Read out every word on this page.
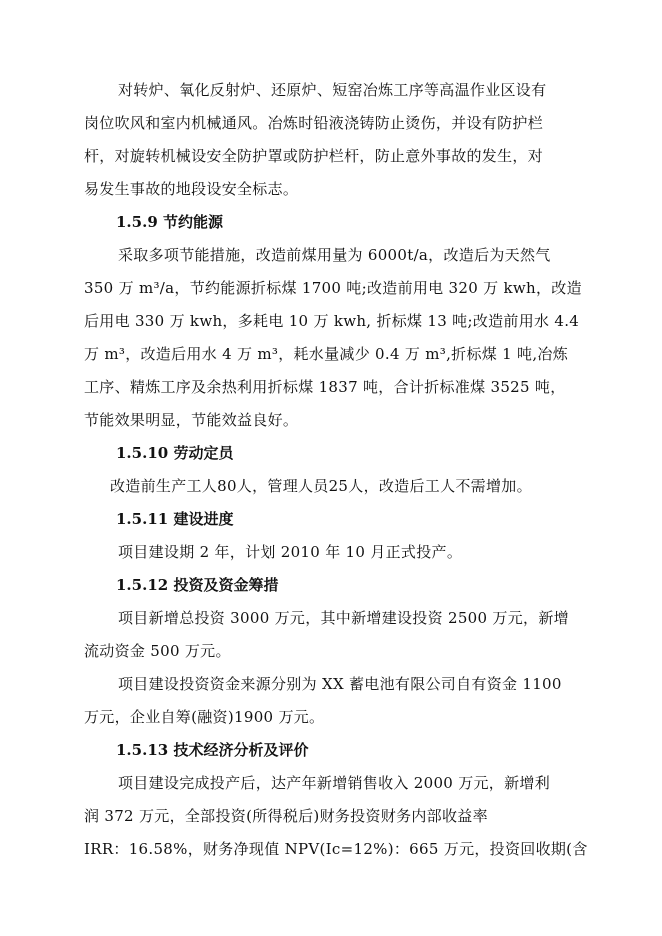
对转炉、氧化反射炉、还原炉、短窑冶炼工序等高温作业区设有
岗位吹风和室内机械通风。冶炼时铅液浇铸防止烫伤，并设有防护栏
杆，对旋转机械设安全防护罩或防护栏杆，防止意外事故的发生，对
易发生事故的地段设安全标志。
1.5.9 节约能源
采取多项节能措施，改造前煤用量为 6000t/a，改造后为天然气
350 万 m³/a，节约能源折标煤 1700 吨;改造前用电 320 万 kwh，改造
后用电 330 万 kwh，多耗电 10 万 kwh, 折标煤 13 吨;改造前用水 4.4
万 m³，改造后用水 4 万 m³，耗水量减少 0.4 万 m³,折标煤 1 吨,冶炼
工序、精炼工序及余热利用折标煤 1837 吨，合计折标准煤 3525 吨，
节能效果明显，节能效益良好。
1.5.10 劳动定员
改造前生产工人80人，管理人员25人，改造后工人不需增加。
1.5.11 建设进度
项目建设期 2 年，计划 2010 年 10 月正式投产。
1.5.12 投资及资金筹措
项目新增总投资 3000 万元，其中新增建设投资 2500 万元，新增
流动资金 500 万元。
项目建设投资资金来源分别为 XX 蓄电池有限公司自有资金 1100
万元，企业自筹(融资)1900 万元。
1.5.13 技术经济分析及评价
项目建设完成投产后，达产年新增销售收入 2000 万元，新增利
润 372 万元，全部投资(所得税后)财务投资财务内部收益率
IRR：16.58%，财务净现值 NPV(Ic=12%)：665 万元，投资回收期(含
